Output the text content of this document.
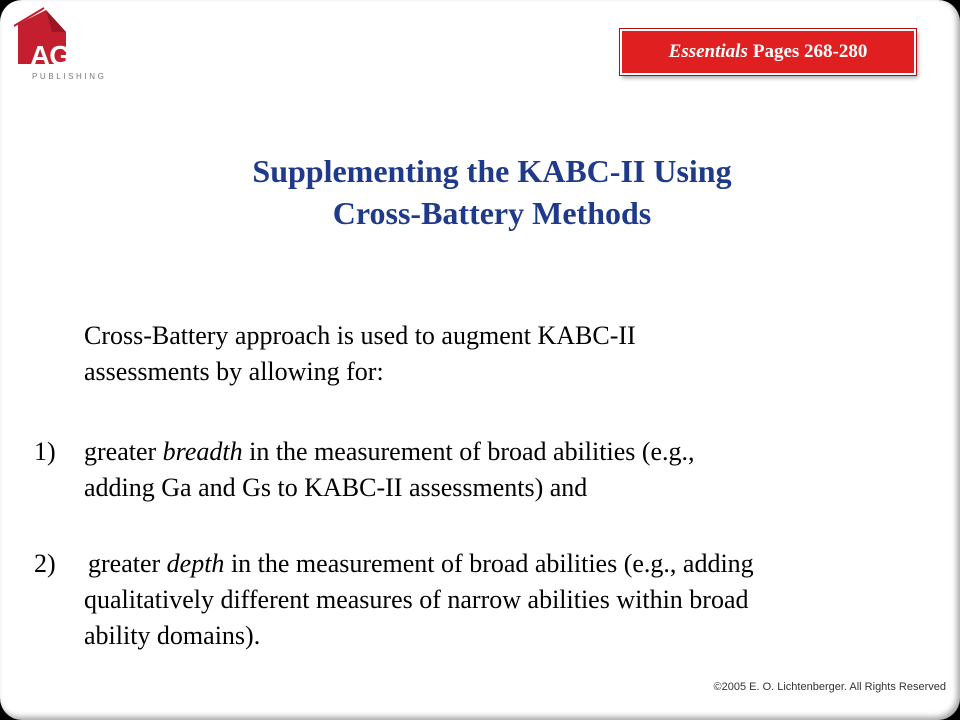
AGS
PUBLISHING
Essentials Pages 268-280
Supplementing the KABC-II Using
Cross-Battery Methods
Cross-Battery approach is used to augment KABC-II
assessments by allowing for:
1) greater breadth in the measurement of broad abilities (e.g.,
adding Ga and Gs to KABC-II assessments) and
2) greater depth in the measurement of broad abilities (e.g., adding
qualitatively different measures of narrow abilities within broad
ability domains).
©2005 E. O. Lichtenberger. All Rights Reserved
